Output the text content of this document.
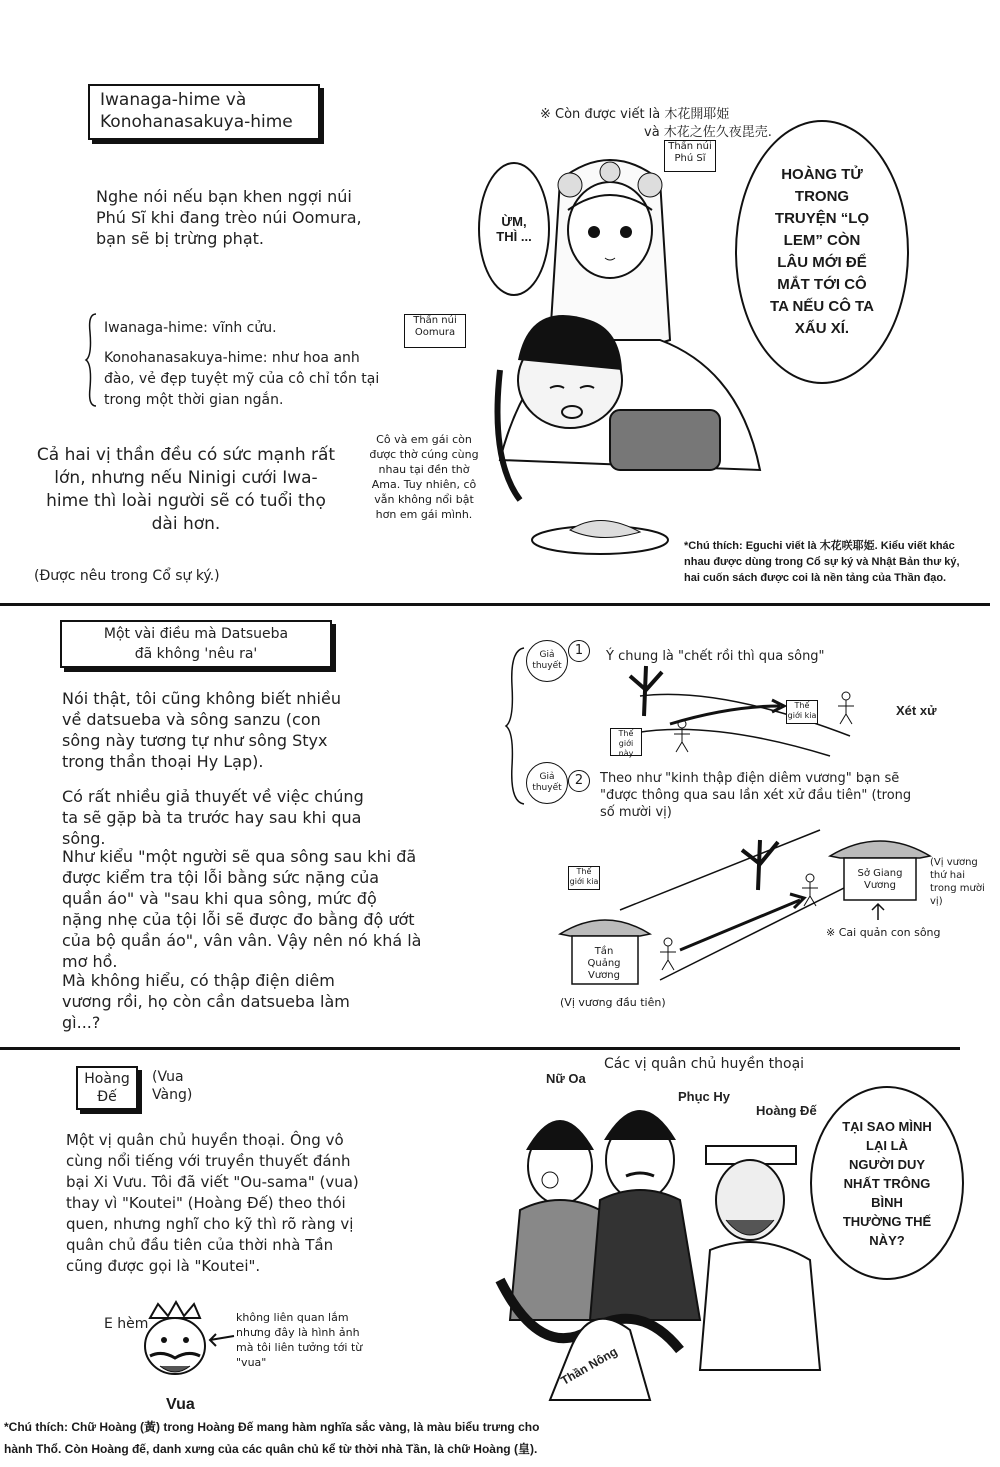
Iwanaga-hime và
Konohanasakuya-hime
Nghe nói nếu bạn khen ngợi núi Phú Sĩ khi đang trèo núi Oomura, bạn sẽ bị trừng phạt.
Iwanaga-hime: vĩnh cửu.
Konohanasakuya-hime: như hoa anh đào, vẻ đẹp tuyệt mỹ của cô chỉ tồn tại trong một thời gian ngắn.
Cả hai vị thần đều có sức mạnh rất lớn, nhưng nếu Ninigi cưới Iwa-hime thì loài người sẽ có tuổi thọ dài hơn.
(Được nêu trong Cổ sự ký.)
※ Còn được viết là 木花開耶姫
và 木花之佐久夜毘売.
Thần núi Phú Sĩ
Thần núi Oomura
ỪM, THÌ ...
HOÀNG TỬ TRONG TRUYỆN “LỌ LEM” CÒN LÂU MỚI ĐỂ MẮT TỚI CÔ TA NẾU CÔ TA XẤU XÍ.
Cô và em gái còn được thờ cúng cùng nhau tại đền thờ Ama. Tuy nhiên, cô vẫn không nổi bật hơn em gái mình.
*Chú thích: Eguchi viết là 木花咲耶姫. Kiểu viết khác nhau được dùng trong Cổ sự ký và Nhật Bản thư ký, hai cuốn sách được coi là nền tảng của Thần đạo.
Một vài điều mà Datsueba
đã không 'nêu ra'
Nói thật, tôi cũng không biết nhiều về datsueba và sông sanzu (con sông này tương tự như sông Styx trong thần thoại Hy Lạp).
Có rất nhiều giả thuyết về việc chúng ta sẽ gặp bà ta trước hay sau khi qua sông.
Như kiểu "một người sẽ qua sông sau khi đã được kiểm tra tội lỗi bằng sức nặng của quần áo" và "sau khi qua sông, mức độ nặng nhẹ của tội lỗi sẽ được đo bằng độ ướt của bộ quần áo", vân vân. Vậy nên nó khá là mơ hồ.
Mà không hiểu, có thập điện diêm vương rồi, họ còn cần datsueba làm gì...?
Giả thuyết
1	Ý chung là "chết rồi thì qua sông"
Thế giới này
Thế giới kia	Xét xử
Giả thuyết	2	Theo như "kinh thập điện diêm vương" bạn sẽ "được thông qua sau lần xét xử đầu tiên" (trong số mười vị)
Thế giới kia
Tần Quảng Vương
(Vị vương đầu tiên)
Sở Giang Vương
(Vị vương thứ hai trong mười vị)
※ Cai quản con sông
Hoàng Đế
(Vua Vàng)
Một vị quân chủ huyền thoại. Ông vô cùng nổi tiếng với truyền thuyết đánh bại Xi Vưu. Tôi đã viết "Ou-sama" (vua) thay vì "Koutei" (Hoàng Đế) theo thói quen, nhưng nghĩ cho kỹ thì rõ ràng vị quân chủ đầu tiên của thời nhà Tần cũng được gọi là "Koutei".
E hèm
Vua
không liên quan lắm nhưng đây là hình ảnh mà tôi liên tưởng tới từ "vua"
Các vị quân chủ huyền thoại
Nữ Oa
Phục Hy
Hoàng Đế
Thần Nông
TẠI SAO MÌNH LẠI LÀ NGƯỜI DUY NHẤT TRÔNG BÌNH THƯỜNG THẾ NÀY?
*Chú thích: Chữ Hoàng (黃) trong Hoàng Đế mang hàm nghĩa sắc vàng, là màu biểu trưng cho
hành Thổ. Còn Hoàng đế, danh xưng của các quân chủ kể từ thời nhà Tần, là chữ Hoàng (皇).
